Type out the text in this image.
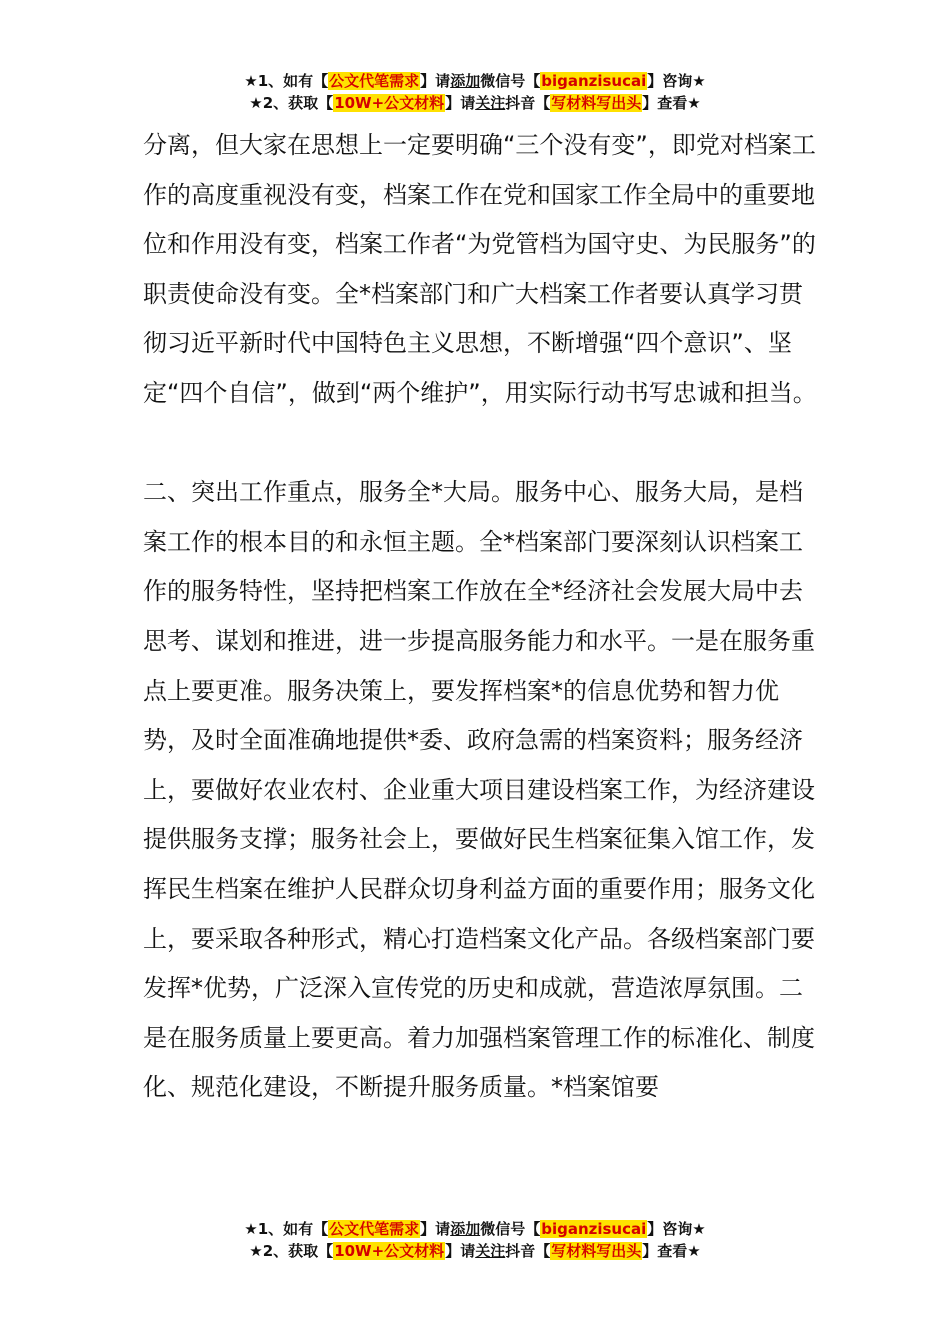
★1、如有【公文代笔需求】请添加微信号【biganzisucai】咨询★
★2、获取【10W+公文材料】请关注抖音【写材料写出头】查看★

分离，但大家在思想上一定要明确“三个没有变”，即党对档案工作的高度重视没有变，档案工作在党和国家工作全局中的重要地位和作用没有变，档案工作者“为党管档为国守史、为民服务”的职责使命没有变。全*档案部门和广大档案工作者要认真学习贯彻习近平新时代中国特色主义思想，不断增强“四个意识”、坚定“四个自信”，做到“两个维护”，用实际行动书写忠诚和担当。

二、突出工作重点，服务全*大局。服务中心、服务大局，是档案工作的根本目的和永恒主题。全*档案部门要深刻认识档案工作的服务特性，坚持把档案工作放在全*经济社会发展大局中去思考、谋划和推进，进一步提高服务能力和水平。一是在服务重点上要更准。服务决策上，要发挥档案*的信息优势和智力优势，及时全面准确地提供*委、政府急需的档案资料；服务经济上，要做好农业农村、企业重大项目建设档案工作，为经济建设提供服务支撑；服务社会上，要做好民生档案征集入馆工作，发挥民生档案在维护人民群众切身利益方面的重要作用；服务文化上，要采取各种形式，精心打造档案文化产品。各级档案部门要发挥*优势，广泛深入宣传党的历史和成就，营造浓厚氛围。二是在服务质量上要更高。着力加强档案管理工作的标准化、制度化、规范化建设，不断提升服务质量。*档案馆要

★1、如有【公文代笔需求】请添加微信号【biganzisucai】咨询★
★2、获取【10W+公文材料】请关注抖音【写材料写出头】查看★
